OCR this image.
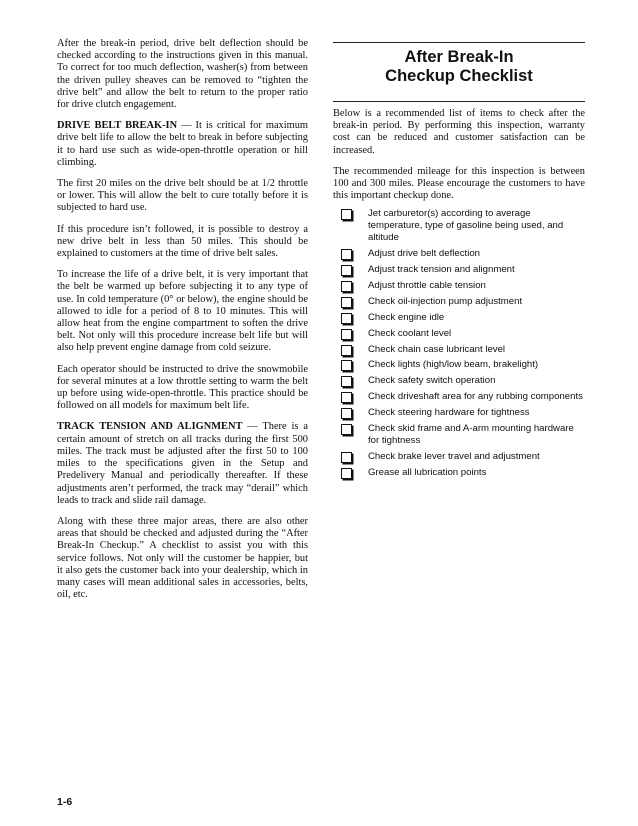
After the break-in period, drive belt deflection should be checked according to the instructions given in this manual. To correct for too much deflection, washer(s) from between the driven pulley sheaves can be removed to “tighten the drive belt” and allow the belt to return to the proper ratio for drive clutch engagement.

DRIVE BELT BREAK-IN — It is critical for maximum drive belt life to allow the belt to break in before subjecting it to hard use such as wide-open-throttle operation or hill climbing.

The first 20 miles on the drive belt should be at 1/2 throttle or lower. This will allow the belt to cure totally before it is subjected to hard use.

If this procedure isn’t followed, it is possible to destroy a new drive belt in less than 50 miles. This should be explained to customers at the time of drive belt sales.

To increase the life of a drive belt, it is very important that the belt be warmed up before subjecting it to any type of use. In cold temperature (0° or below), the engine should be allowed to idle for a period of 8 to 10 minutes. This will allow heat from the engine compartment to soften the drive belt. Not only will this procedure increase belt life but will also help prevent engine damage from cold seizure.

Each operator should be instructed to drive the snowmobile for several minutes at a low throttle setting to warm the belt up before using wide-open-throttle. This practice should be followed on all models for maximum belt life.

TRACK TENSION AND ALIGNMENT — There is a certain amount of stretch on all tracks during the first 500 miles. The track must be adjusted after the first 50 to 100 miles to the specifications given in the Setup and Predelivery Manual and periodically thereafter. If these adjustments aren’t performed, the track may “derail” which leads to track and slide rail damage.

Along with these three major areas, there are also other areas that should be checked and adjusted during the “After Break-In Checkup.” A checklist to assist you with this service follows. Not only will the customer be happier, but it also gets the customer back into your dealership, which in many cases will mean additional sales in accessories, belts, oil, etc.

After Break-In
Checkup Checklist

Below is a recommended list of items to check after the break-in period. By performing this inspection, warranty cost can be reduced and customer satisfaction can be increased.

The recommended mileage for this inspection is between 100 and 300 miles. Please encourage the customers to have this important checkup done.

Jet carburetor(s) according to average temperature, type of gasoline being used, and altitude
Adjust drive belt deflection
Adjust track tension and alignment
Adjust throttle cable tension
Check oil-injection pump adjustment
Check engine idle
Check coolant level
Check chain case lubricant level
Check lights (high/low beam, brakelight)
Check safety switch operation
Check driveshaft area for any rubbing components
Check steering hardware for tightness
Check skid frame and A-arm mounting hardware for tightness
Check brake lever travel and adjustment
Grease all lubrication points
1-6
